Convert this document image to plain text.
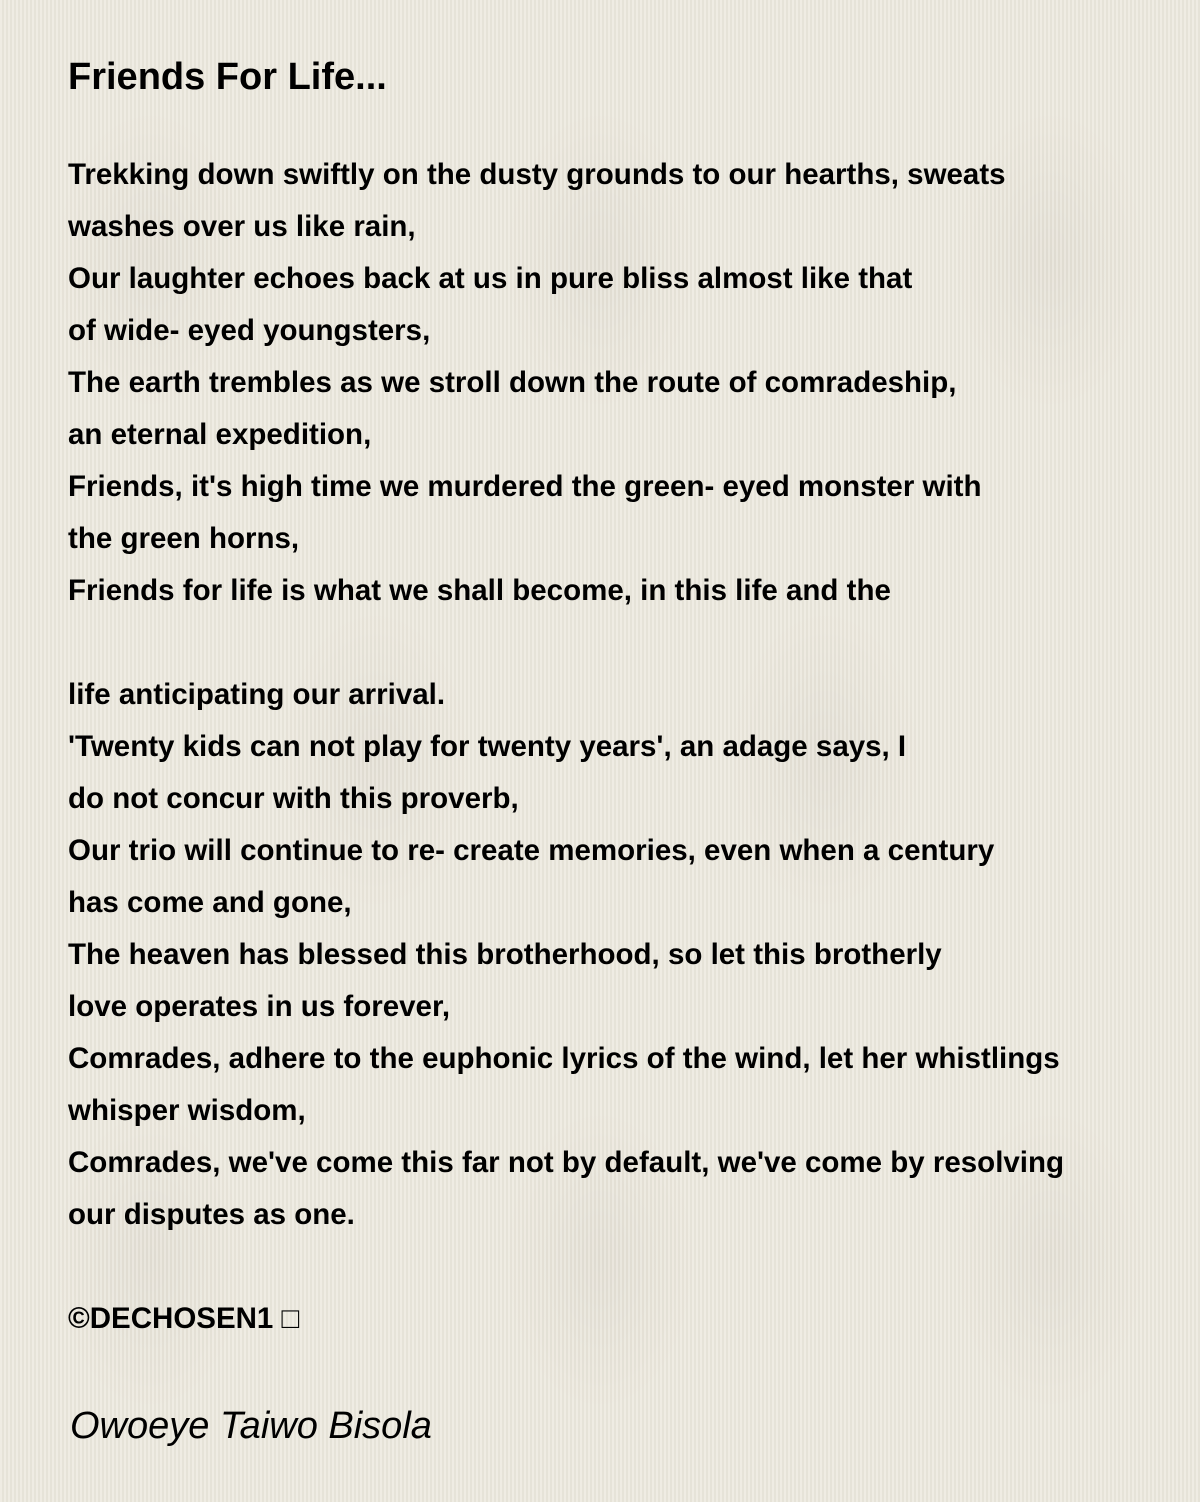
Friends For Life...
Trekking down swiftly on the dusty grounds to our hearths, sweats
washes over us like rain,
Our laughter echoes back at us in pure bliss almost like that
of wide- eyed youngsters,
The earth trembles as we stroll down the route of comradeship,
an eternal expedition,
Friends, it's high time we murdered the green- eyed monster with
the green horns,
Friends for life is what we shall become, in this life and the
life anticipating our arrival.
'Twenty kids can not play for twenty years', an adage says, I
do not concur with this proverb,
Our trio will continue to re- create memories, even when a century
has come and gone,
The heaven has blessed this brotherhood, so let this brotherly
love operates in us forever,
Comrades, adhere to the euphonic lyrics of the wind, let her whistlings
whisper wisdom,
Comrades, we've come this far not by default, we've come by resolving
our disputes as one.
©DECHOSEN1 □
Owoeye Taiwo Bisola
